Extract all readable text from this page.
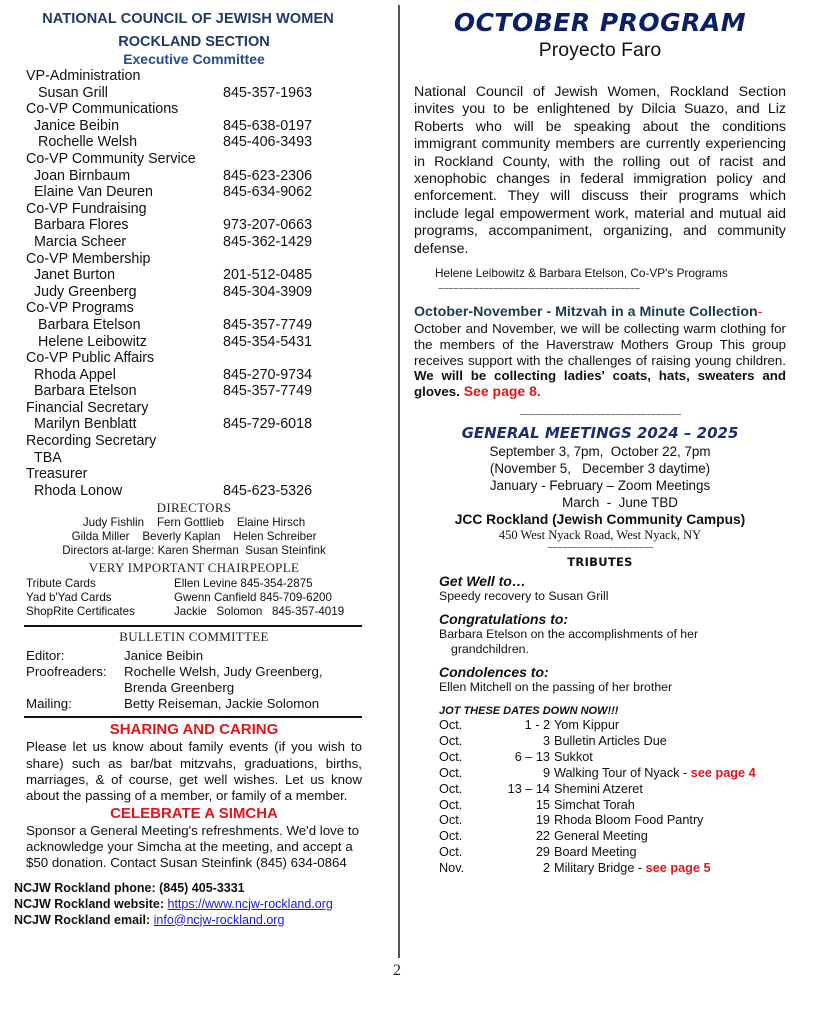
NATIONAL COUNCIL OF JEWISH WOMEN
ROCKLAND SECTION
Executive Committee
VP-Administration
Susan Grill	845-357-1963
Co-VP Communications
Janice Beibin	845-638-0197
Rochelle Welsh	845-406-3493
Co-VP Community Service
Joan Birnbaum	845-623-2306
Elaine Van Deuren	845-634-9062
Co-VP Fundraising
Barbara Flores	973-207-0663
Marcia Scheer	845-362-1429
Co-VP Membership
Janet Burton	201-512-0485
Judy Greenberg	845-304-3909
Co-VP Programs
Barbara Etelson	845-357-7749
Helene Leibowitz	845-354-5431
Co-VP Public Affairs
Rhoda Appel	845-270-9734
Barbara Etelson	845-357-7749
Financial Secretary
Marilyn Benblatt	845-729-6018
Recording Secretary
TBA
Treasurer
Rhoda Lonow	845-623-5326
DIRECTORS
Judy Fishlin    Fern Gottlieb    Elaine Hirsch
Gilda Miller    Beverly Kaplan    Helen Schreiber
Directors at-large: Karen Sherman  Susan Steinfink
VERY IMPORTANT CHAIRPEOPLE
Tribute Cards	Ellen Levine 845-354-2875
Yad b'Yad Cards	Gwenn Canfield 845-709-6200
ShopRite Certificates	Jackie   Solomon   845-357-4019
BULLETIN COMMITTEE
Editor:	Janice Beibin
Proofreaders:	Rochelle Welsh, Judy Greenberg,
Brenda Greenberg
Mailing:	Betty Reiseman, Jackie Solomon
SHARING AND CARING
Please let us know about family events (if you wish to share) such as bar/bat mitzvahs, graduations, births, marriages, & of course, get well wishes. Let us know about the passing of a member, or family of a member.
CELEBRATE A SIMCHA
Sponsor a General Meeting's refreshments. We'd love to acknowledge your Simcha at the meeting, and accept a $50 donation. Contact Susan Steinfink (845) 634-0864
NCJW Rockland phone: (845) 405-3331
NCJW Rockland website: https://www.ncjw-rockland.org
NCJW Rockland email: info@ncjw-rockland.org
2
OCTOBER PROGRAM
Proyecto Faro
National Council of Jewish Women, Rockland Section invites you to be enlightened by Dilcia Suazo, and Liz Roberts who will be speaking about the conditions immigrant community members are currently experiencing in Rockland County, with the rolling out of racist and xenophobic changes in federal immigration policy and enforcement. They will discuss their programs which include legal empowerment work, material and mutual aid programs, accompaniment, organizing, and community defense.
Helene Leibowitz & Barbara Etelson, Co-VP's Programs
~~~~~~~~~~~~~~~~~~~~~~~~~~~~~~~~~~~~~~~~
October-November - Mitzvah in a Minute Collection-
October and November, we will be collecting warm clothing for the members of the Haverstraw Mothers Group This group receives support with the challenges of raising young children. We will be collecting ladies' coats, hats, sweaters and gloves. See page 8.
~~~~~~~~~~~~~~~~~~~~~~~~~~~~~~~~
GENERAL MEETINGS 2024 – 2025
September 3, 7pm,  October 22, 7pm
(November 5,   December 3 daytime)
January - February – Zoom Meetings
March  -  June TBD
JCC Rockland (Jewish Community Campus)
450 West Nyack Road, West Nyack, NY
~~~~~~~~~~~~~~~~~~~~~
TRIBUTES
Get Well to…
Speedy recovery to Susan Grill
Congratulations to:
Barbara Etelson on the accomplishments of her
grandchildren.
Condolences to:
Ellen Mitchell on the passing of her brother
JOT THESE DATES DOWN NOW!!!
Oct.	1 - 2 Yom Kippur
Oct.	3 Bulletin Articles Due
Oct.	6 – 13 Sukkot
Oct.	9 Walking Tour of Nyack - see page 4
Oct.	13 – 14 Shemini Atzeret
Oct.	15 Simchat Torah
Oct.	19 Rhoda Bloom Food Pantry
Oct.	22 General Meeting
Oct.	29 Board Meeting
Nov.	2 Military Bridge - see page 5
